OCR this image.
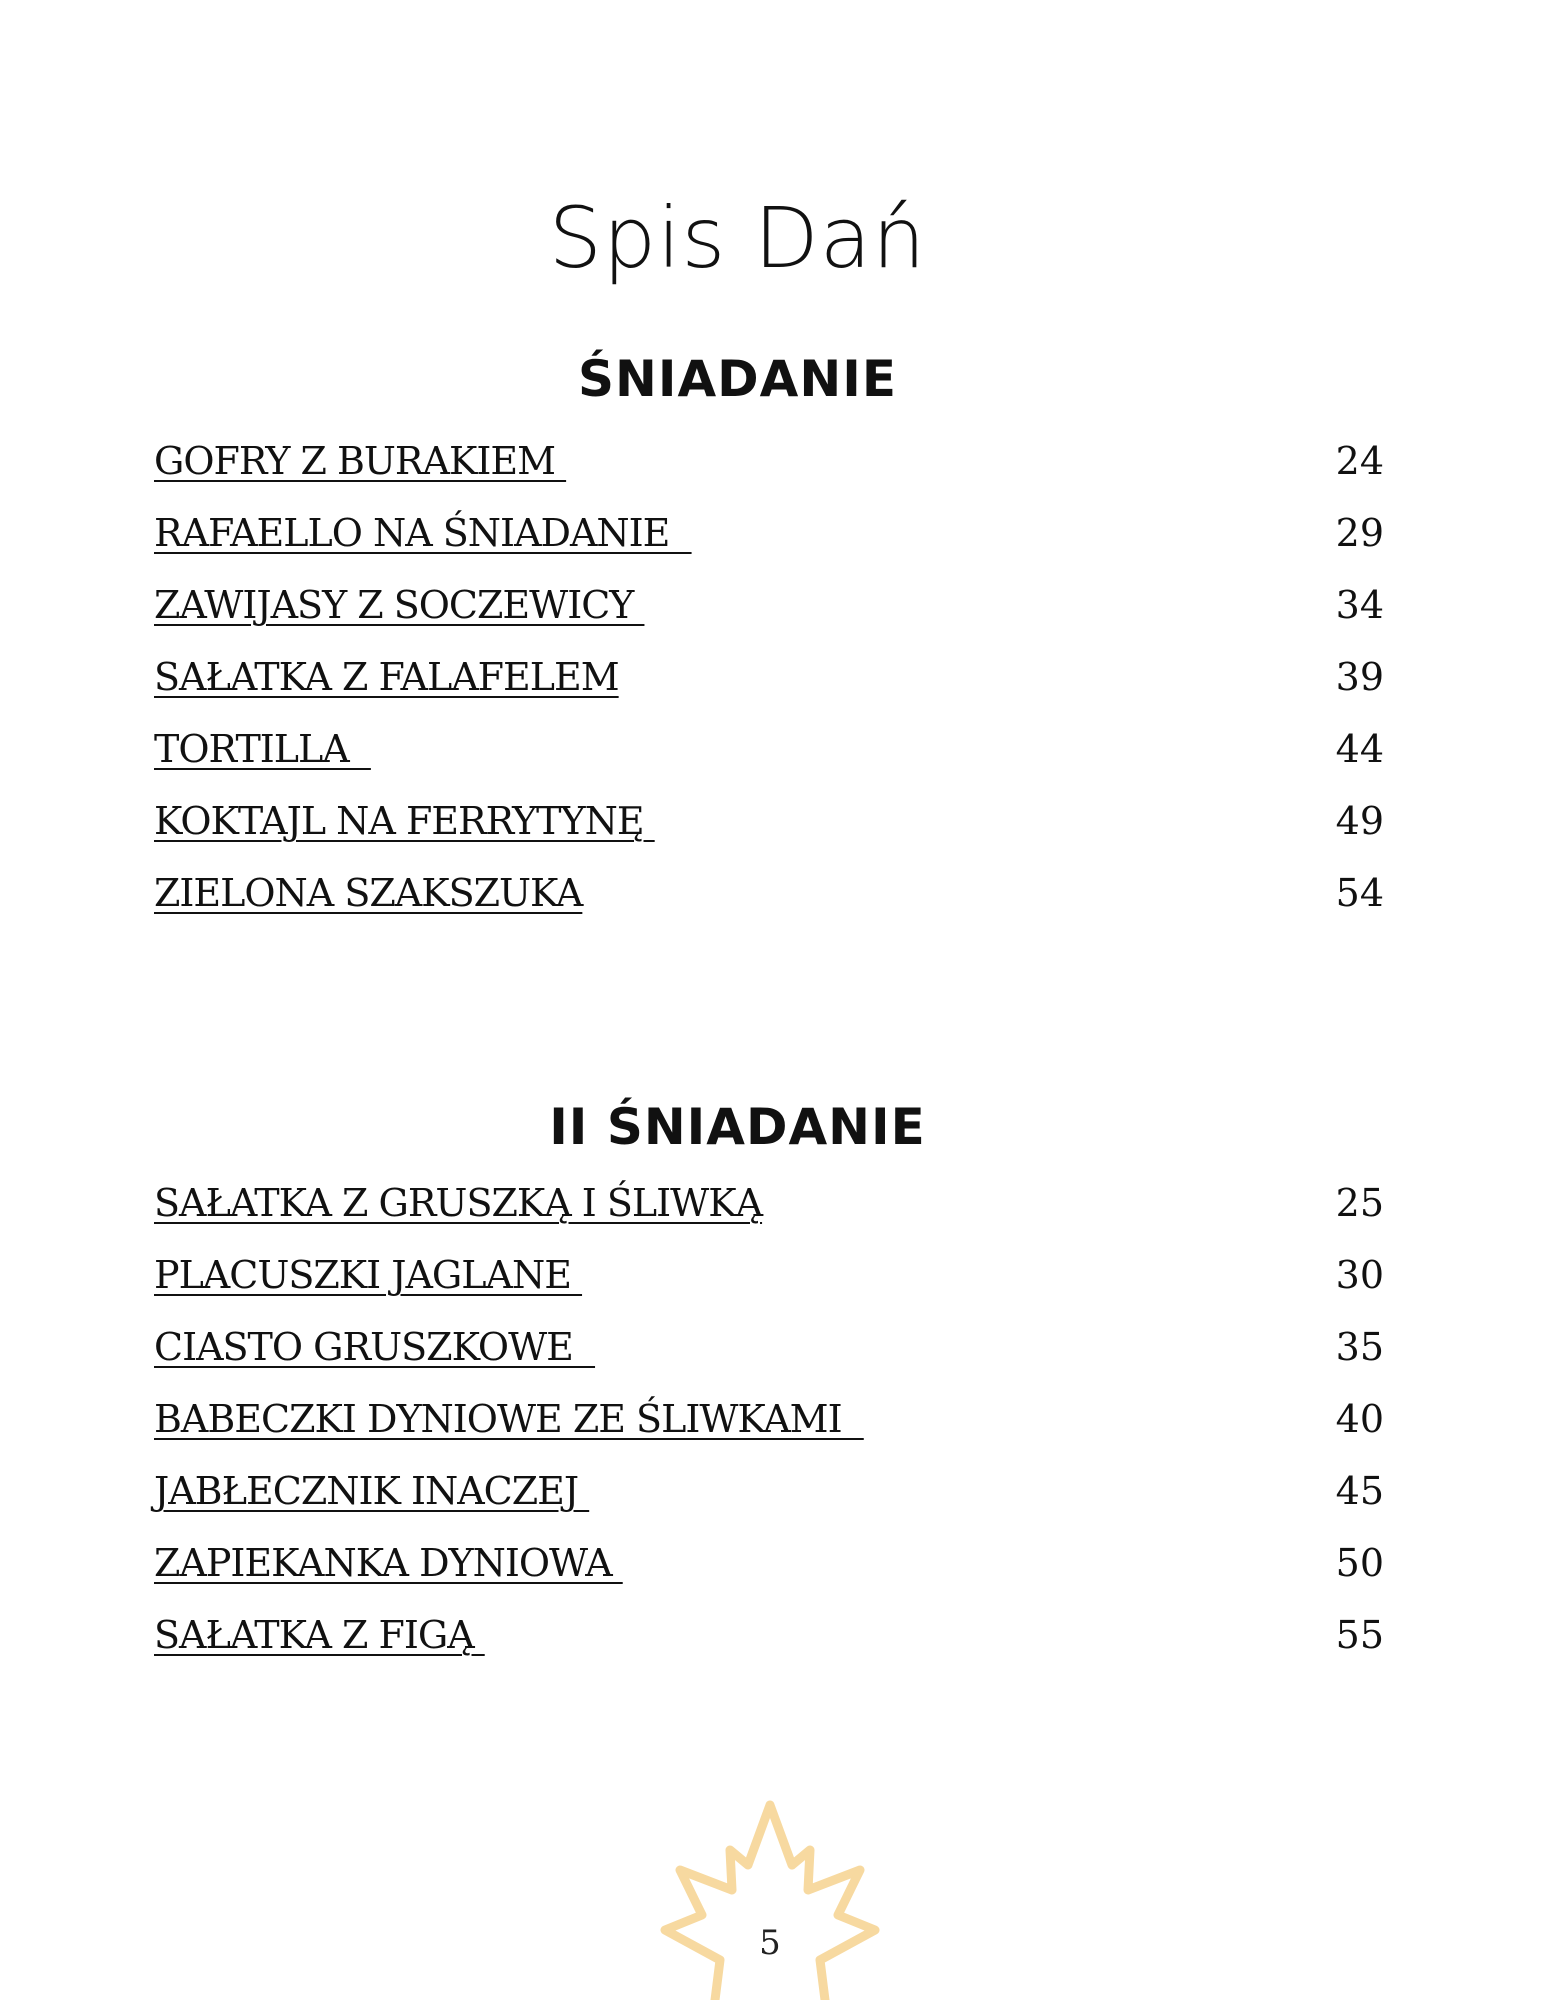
Spis Dań
ŚNIADANIE
GOFRY Z BURAKIEM	24
RAFAELLO NA ŚNIADANIE	29
ZAWIJASY Z SOCZEWICY	34
SAŁATKA Z FALAFELEM	39
TORTILLA	44
KOKTAJL NA FERRYTYNĘ	49
ZIELONA SZAKSZUKA	54
II ŚNIADANIE
SAŁATKA Z GRUSZKĄ I ŚLIWKĄ	25
PLACUSZKI JAGLANE	30
CIASTO GRUSZKOWE	35
BABECZKI DYNIOWE ZE ŚLIWKAMI	40
JABŁECZNIK INACZEJ	45
ZAPIEKANKA DYNIOWA	50
SAŁATKA Z FIGĄ	55
5
